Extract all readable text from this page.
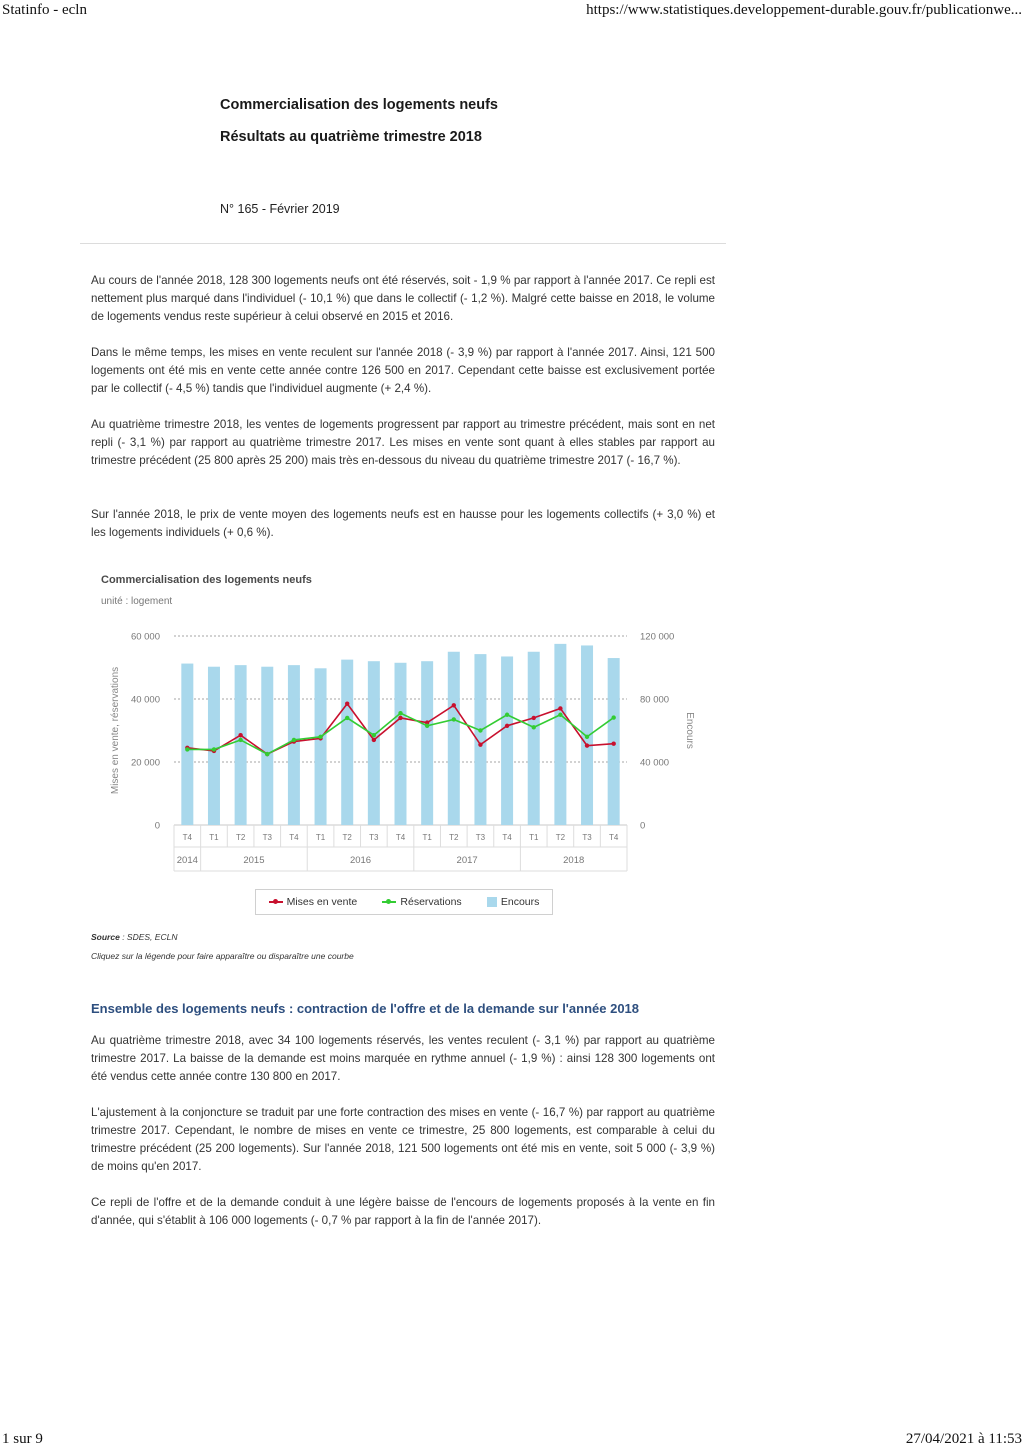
Statinfo - ecln	https://www.statistiques.developpement-durable.gouv.fr/publicationwe...
Commercialisation des logements neufs
Résultats au quatrième trimestre 2018
N° 165 - Février 2019

Au cours de l'année 2018, 128 300 logements neufs ont été réservés, soit - 1,9 % par rapport à l'année 2017. Ce repli est nettement plus marqué dans l'individuel (- 10,1 %) que dans le collectif (- 1,2 %). Malgré cette baisse en 2018, le volume de logements vendus reste supérieur à celui observé en 2015 et 2016.

Dans le même temps, les mises en vente reculent sur l'année 2018 (- 3,9 %) par rapport à l'année 2017. Ainsi, 121 500 logements ont été mis en vente cette année contre 126 500 en 2017. Cependant cette baisse est exclusivement portée par le collectif (- 4,5 %) tandis que l'individuel augmente (+ 2,4 %).

Au quatrième trimestre 2018, les ventes de logements progressent par rapport au trimestre précédent, mais sont en net repli (- 3,1 %) par rapport au quatrième trimestre 2017. Les mises en vente sont quant à elles stables par rapport au trimestre précédent (25 800 après 25 200) mais très en-dessous du niveau du quatrième trimestre 2017 (- 16,7 %).

Sur l'année 2018, le prix de vente moyen des logements neufs est en hausse pour les logements collectifs (+ 3,0 %) et les logements individuels (+ 0,6 %).

Commercialisation des logements neufs
unité : logement
0	0
20 000	40 000
40 000	80 000
60 000	120 000
T4 T1 T2 T3 T4 T1 T2 T3 T4 T1 T2 T3 T4 T1 T2 T3 T4
2014	2015	2016	2017	2018
Mises en vente, réservations	Encours
Mises en vente	Réservations	Encours
Source : SDES, ECLN
Cliquez sur la légende pour faire apparaître ou disparaître une courbe
Ensemble des logements neufs : contraction de l'offre et de la demande sur l'année 2018

Au quatrième trimestre 2018, avec 34 100 logements réservés, les ventes reculent (- 3,1 %) par rapport au quatrième trimestre 2017. La baisse de la demande est moins marquée en rythme annuel (- 1,9 %) : ainsi 128 300 logements ont été vendus cette année contre 130 800 en 2017.

L'ajustement à la conjoncture se traduit par une forte contraction des mises en vente (- 16,7 %) par rapport au quatrième trimestre 2017. Cependant, le nombre de mises en vente ce trimestre, 25 800 logements, est comparable à celui du trimestre précédent (25 200 logements). Sur l'année 2018, 121 500 logements ont été mis en vente, soit 5 000 (- 3,9 %) de moins qu'en 2017.

Ce repli de l'offre et de la demande conduit à une légère baisse de l'encours de logements proposés à la vente en fin d'année, qui s'établit à 106 000 logements (- 0,7 % par rapport à la fin de l'année 2017).

1 sur 9	27/04/2021 à 11:53
